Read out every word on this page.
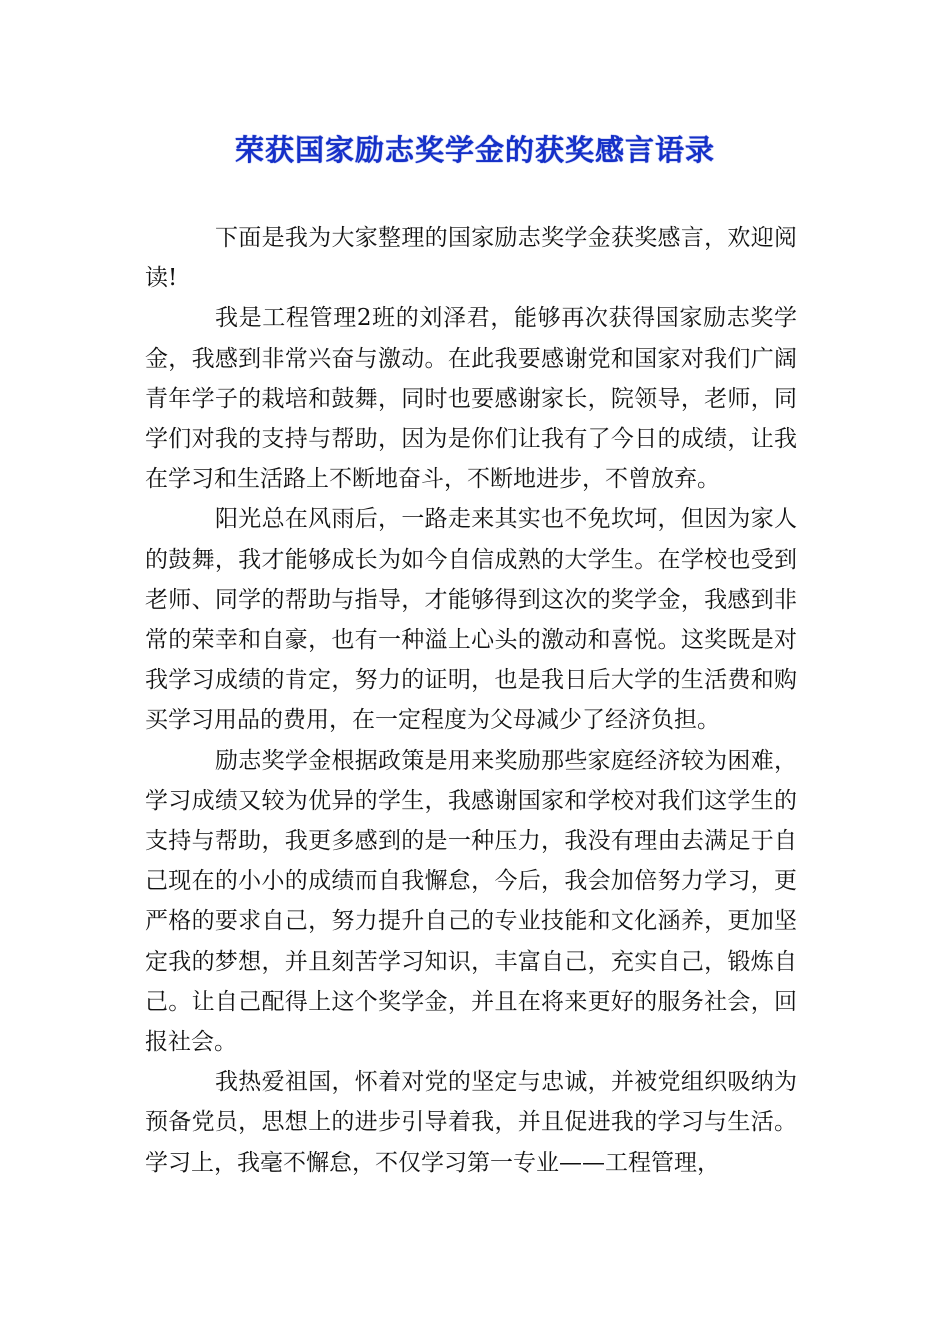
荣获国家励志奖学金的获奖感言语录

下面是我为大家整理的国家励志奖学金获奖感言，欢迎阅读!

我是工程管理2班的刘泽君，能够再次获得国家励志奖学金，我感到非常兴奋与激动。在此我要感谢党和国家对我们广阔青年学子的栽培和鼓舞，同时也要感谢家长，院领导，老师，同学们对我的支持与帮助，因为是你们让我有了今日的成绩，让我在学习和生活路上不断地奋斗，不断地进步，不曾放弃。

阳光总在风雨后，一路走来其实也不免坎坷，但因为家人的鼓舞，我才能够成长为如今自信成熟的大学生。在学校也受到老师、同学的帮助与指导，才能够得到这次的奖学金，我感到非常的荣幸和自豪，也有一种溢上心头的激动和喜悦。这奖既是对我学习成绩的肯定，努力的证明，也是我日后大学的生活费和购买学习用品的费用，在一定程度为父母减少了经济负担。

励志奖学金根据政策是用来奖励那些家庭经济较为困难，学习成绩又较为优异的学生，我感谢国家和学校对我们这学生的支持与帮助，我更多感到的是一种压力，我没有理由去满足于自己现在的小小的成绩而自我懈怠，今后，我会加倍努力学习，更严格的要求自己，努力提升自己的专业技能和文化涵养，更加坚定我的梦想，并且刻苦学习知识，丰富自己，充实自己，锻炼自己。让自己配得上这个奖学金，并且在将来更好的服务社会，回报社会。

我热爱祖国，怀着对党的坚定与忠诚，并被党组织吸纳为预备党员，思想上的进步引导着我，并且促进我的学习与生活。学习上，我毫不懈怠，不仅学习第一专业——工程管理，
